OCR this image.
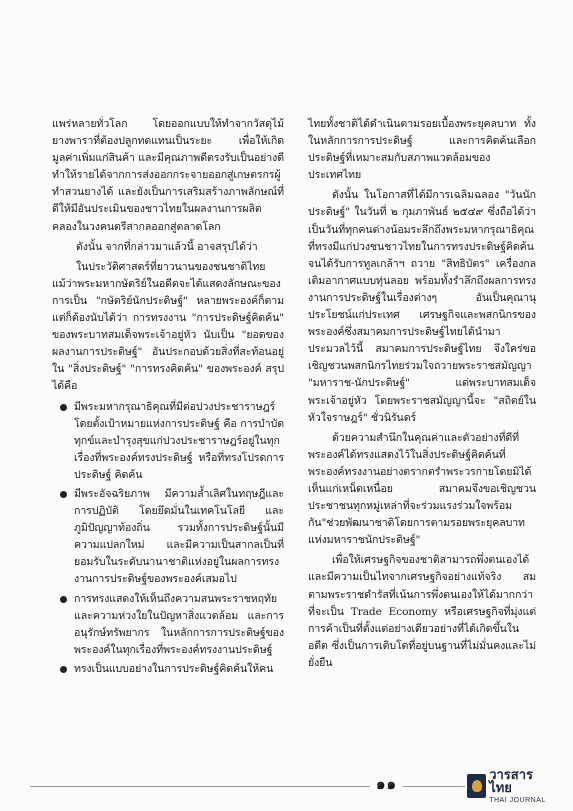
แพร่หลายทั่วโลก โดยออกแบบให้ทำจากวัสดุไม้ยางพาราที่ต้องปลูกทดแทนเป็นระยะ เพื่อให้เกิดมูลค่าเพิ่มแก่สินค้า และมีคุณภาพดีตรงรับเป็นอย่างดี ทำให้รายได้จากการส่งออกกระจายออกสู่เกษตรกรผู้ทำสวนยางได้ และยังเป็นการเสริมสร้างภาพลักษณ์ที่ดีให้มีอันประเมินของชาวไทยในผลงานการผลิตคลองในวงคนตรีสากลออกสู่ตลาดโลก

ดังนั้น จากที่กล่าวมาแล้วนี้ อาจสรุปได้ว่า

ในประวัติศาสตร์ที่ยาวนานของชนชาติไทย แม้ว่าพระมหากษัตริย์ในอดีตจะได้แสดงลักษณะของการเป็น "กษัตริย์นักประดิษฐ์" หลายพระองค์ก็ตาม แต่ก็ต้องนับได้ว่า การทรงงาน "การประดิษฐ์คิดค้น" ของพระบาทสมเด็จพระเจ้าอยู่หัว นับเป็น "ยอดของผลงานการประดิษฐ์" อันประกอบด้วยสิ่งที่สะท้อนอยู่ใน "สิ่งประดิษฐ์" "การทรงคิดค้น" ของพระองค์ สรุปได้คือ

มีพระมหากรุณาธิคุณที่มีต่อปวงประชาราษฎร์ โดยตั้งเป้าหมายแห่งการประดิษฐ์ คือ การบำบัดทุกข์และบำรุงสุขแก่ปวงประชาราษฎร์อยู่ในทุกเรื่องที่พระองค์ทรงประดิษฐ์ หรือที่ทรงโปรดการประดิษฐ์ คิดค้น
มีพระอัจฉริยภาพ มีความล้ำเลิศในทฤษฎีและการปฏิบัติ โดยยึดมั่นในเทคโนโลยี และภูมิปัญญาท้องถิ่น รวมทั้งการประดิษฐ์นั้นมีความแปลกใหม่ และมีความเป็นสากลเป็นที่ยอมรับในระดับนานาชาติแห่งอยู่ในผลการทรงงานการประดิษฐ์ของพระองค์เสมอไป
การทรงแสดงให้เห็นถึงความสนพระราชหฤทัยและความห่วงใยในปัญหาสิ่งแวดล้อม และการอนุรักษ์ทรัพยากร ในหลักการการประดิษฐ์ของพระองค์ในทุกเรื่องที่พระองค์ทรงงานประดิษฐ์
ทรงเป็นแบบอย่างในการประดิษฐ์คิดค้นให้คน

ไทยทั้งชาติได้ดำเนินตามรอยเบื้องพระยุคลบาท ทั้งในหลักการการประดิษฐ์ และการคิดค้นเลือกประดิษฐ์ที่เหมาะสมกับสภาพแวดล้อมของประเทศไทย

ดังนั้น ในโอกาสที่ได้มีการเฉลิมฉลอง "วันนักประดิษฐ์" ในวันที่ ๒ กุมภาพันธ์ ๒๕๔๙ ซึ่งถือได้ว่าเป็นวันที่ทุกคนต่างน้อมระลึกถึงพระมหากรุณาธิคุณที่ทรงมีแก่ปวงชนชาวไทยในการทรงประดิษฐ์คิดค้นจนได้รับการทูลเกล้าฯ ถวาย "สิทธิบัตร" เครื่องกลเติมอากาศแบบทุ่นลอย พร้อมทั้งรำลึกถึงผลการทรงงานการประดิษฐ์ในเรื่องต่างๆ อันเป็นคุณานุประโยชน์แก่ประเทศ เศรษฐกิจและพสกนิกรของพระองค์ซึ่งสมาคมการประดิษฐ์ไทยได้นำมาประมวลไว้นี้ สมาคมการประดิษฐ์ไทย จึงใคร่ขอเชิญชวนพสกนิกรไทยร่วมใจถวายพระราชสมัญญา "มหาราช-นักประดิษฐ์" แด่พระบาทสมเด็จพระเจ้าอยู่หัว โดยพระราชสมัญญานี้จะ "สถิตย์ในหัวใจราษฎร์" ชั่วนิรันดร์

ด้วยความสำนึกในคุณค่าและตัวอย่างที่ดีที่พระองค์ได้ทรงแสดงไว้ในสิ่งประดิษฐ์คิดค้นที่พระองค์ทรงงานอย่างตรากตรำพระวรกายโดยมิได้เห็นแก่เหน็ดเหนื่อย สมาคมจึงขอเชิญชวนประชาชนทุกหมู่เหล่าที่จะร่วมแรงร่วมใจพร้อมกัน"ช่วยพัฒนาชาติโดยการตามรอยพระยุคลบาทแห่งมหาราชนักประดิษฐ์"

เพื่อให้เศรษฐกิจของชาติสามารถพึ่งตนเองได้และมีความเป็นไทจากเศรษฐกิจอย่างแท้จริง สมตามพระราชดำรัสที่เน้นการพึ่งตนเองให้ได้มากกว่าที่จะเป็น Trade Economy หรือเศรษฐกิจที่มุ่งแต่การค้าเป็นที่ตั้งแต่อย่างเดียวอย่างที่ได้เกิดขึ้นในอดีต ซึ่งเป็นการเติบโตที่อยู่บนฐานที่ไม่มั่นคงและไม่ยั่งยืน

๑๑	วารสารไทย
THAI JOURNAL
